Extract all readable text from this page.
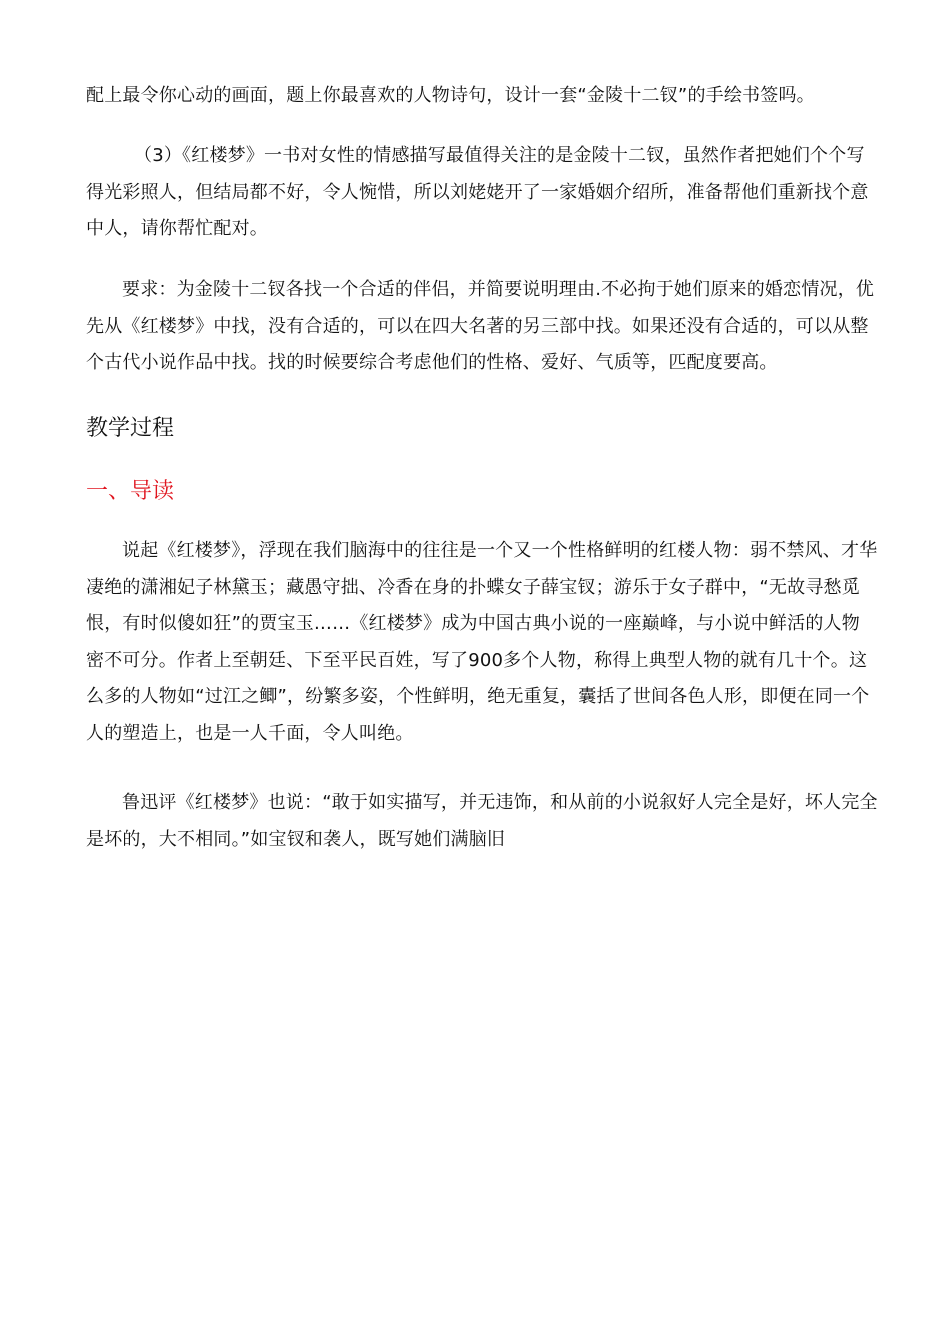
配上最令你心动的画面，题上你最喜欢的人物诗句，设计一套“金陵十二钗”的手绘书签吗。

（3）《红楼梦》一书对女性的情感描写最值得关注的是金陵十二钗，虽然作者把她们个个写得光彩照人，但结局都不好，令人惋惜，所以刘姥姥开了一家婚姻介绍所，准备帮他们重新找个意中人，请你帮忙配对。

要求：为金陵十二钗各找一个合适的伴侣，并简要说明理由.不必拘于她们原来的婚恋情况，优先从《红楼梦》中找，没有合适的，可以在四大名著的另三部中找。如果还没有合适的，可以从整个古代小说作品中找。找的时候要综合考虑他们的性格、爱好、气质等，匹配度要高。

教学过程
一、导读

说起《红楼梦》，浮现在我们脑海中的往往是一个又一个性格鲜明的红楼人物：弱不禁风、才华凄绝的潇湘妃子林黛玉；藏愚守拙、冷香在身的扑蝶女子薛宝钗；游乐于女子群中，“无故寻愁觅恨，有时似傻如狂”的贾宝玉……《红楼梦》成为中国古典小说的一座巅峰，与小说中鲜活的人物密不可分。作者上至朝廷、下至平民百姓，写了900多个人物，称得上典型人物的就有几十个。这么多的人物如“过江之鲫”，纷繁多姿，个性鲜明，绝无重复，囊括了世间各色人形，即便在同一个人的塑造上，也是一人千面，令人叫绝。

鲁迅评《红楼梦》也说：“敢于如实描写，并无违饰，和从前的小说叙好人完全是好，坏人完全是坏的，大不相同。”如宝钗和袭人，既写她们满脑旧
